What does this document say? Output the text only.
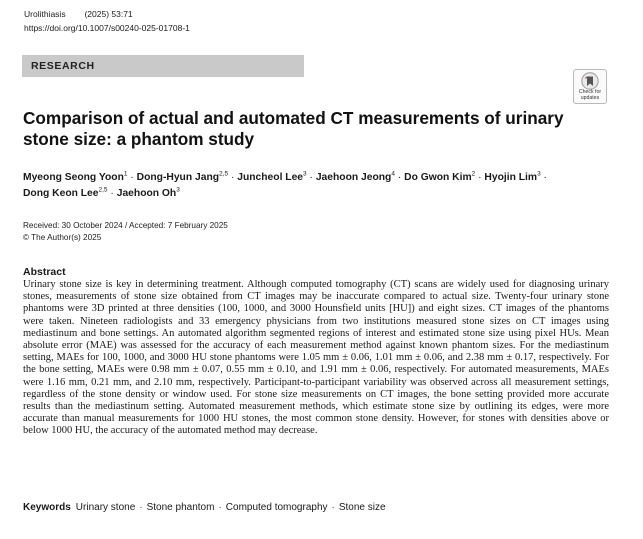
Urolithiasis        (2025) 53:71
https://doi.org/10.1007/s00240-025-01708-1
RESEARCH
Check for
updates
Comparison of actual and automated CT measurements of urinary stone size: a phantom study
Myeong Seong Yoon$^1$ · Dong-Hyun Jang$^{2,5}$ · Juncheol Lee$^3$ · Jaehoon Jeong$^4$ · Do Gwon Kim$^2$ · Hyojin Lim$^3$ ·
Dong Keon Lee$^{2,5}$ · Jaehoon Oh$^3$
Received: 30 October 2024 / Accepted: 7 February 2025
© The Author(s) 2025
Abstract

Urinary stone size is key in determining treatment. Although computed tomography (CT) scans are widely used for diagnosing urinary stones, measurements of stone size obtained from CT images may be inaccurate compared to actual size. Twenty-four urinary stone phantoms were 3D printed at three densities (100, 1000, and 3000 Hounsfield units [HU]) and eight sizes. CT images of the phantoms were taken. Nineteen radiologists and 33 emergency physicians from two institutions measured stone sizes on CT images using mediastinum and bone settings. An automated algorithm segmented regions of interest and estimated stone size using pixel HUs. Mean absolute error (MAE) was assessed for the accuracy of each measurement method against known phantom sizes. For the mediastinum setting, MAEs for 100, 1000, and 3000 HU stone phantoms were 1.05 mm ± 0.06, 1.01 mm ± 0.06, and 2.38 mm ± 0.17, respectively. For the bone setting, MAEs were 0.98 mm ± 0.07, 0.55 mm ± 0.10, and 1.91 mm ± 0.06, respectively. For automated measurements, MAEs were 1.16 mm, 0.21 mm, and 2.10 mm, respectively. Participant-to-participant variability was observed across all measurement settings, regardless of the stone density or window used. For stone size measurements on CT images, the bone setting provided more accurate results than the mediastinum setting. Automated measurement methods, which estimate stone size by outlining its edges, were more accurate than manual measurements for 1000 HU stones, the most common stone density. However, for stones with densities above or below 1000 HU, the accuracy of the automated method may decrease.

Keywords Urinary stone · Stone phantom · Computed tomography · Stone size
